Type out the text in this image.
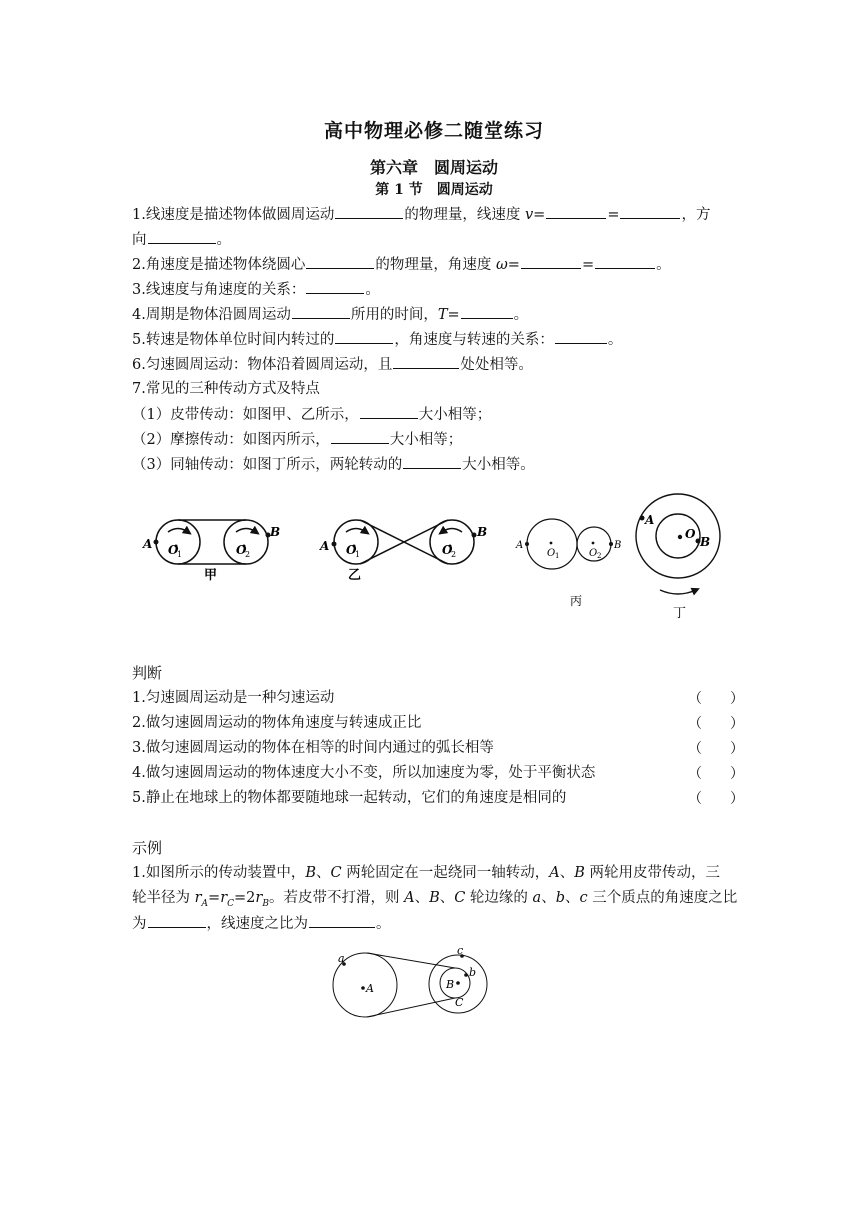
高中物理必修二随堂练习
第六章　圆周运动
第 1 节　圆周运动
1.线速度是描述物体做圆周运动	的物理量，线速度 v=	=	，方
向	。
2.角速度是描述物体绕圆心	的物理量，角速度 ω=	=	。
3.线速度与角速度的关系：	。
4.周期是物体沿圆周运动	所用的时间，T=	。
5.转速是物体单位时间内转过的	，角速度与转速的关系：	。
6.匀速圆周运动：物体沿着圆周运动，且	处处相等。
7.常见的三种传动方式及特点
（1）皮带传动：如图甲、乙所示，	大小相等；
（2）摩擦传动：如图丙所示，	大小相等；
（3）同轴传动：如图丁所示，两轮转动的	大小相等。
A
B
O
1	O
2
甲
A
B
O
1	O
2
乙
A	B
O 1	O 2
丙
A
O
B
丁
判断
1.匀速圆周运动是一种匀速运动	（　　）
2.做匀速圆周运动的物体角速度与转速成正比	（　　）
3.做匀速圆周运动的物体在相等的时间内通过的弧长相等	（　　）
4.做匀速圆周运动的物体速度大小不变，所以加速度为零，处于平衡状态	（　　）
5.静止在地球上的物体都要随地球一起转动，它们的角速度是相同的	（　　）
示例
1.如图所示的传动装置中，B、C 两轮固定在一起绕同一轴转动，A、B 两轮用皮带传动，三
轮半径为 $r_A=r_C=2r_B$。若皮带不打滑，则 A、B、C 轮边缘的 a、b、c 三个质点的角速度之比
为	，线速度之比为	。
a
A	B
b
c
C
